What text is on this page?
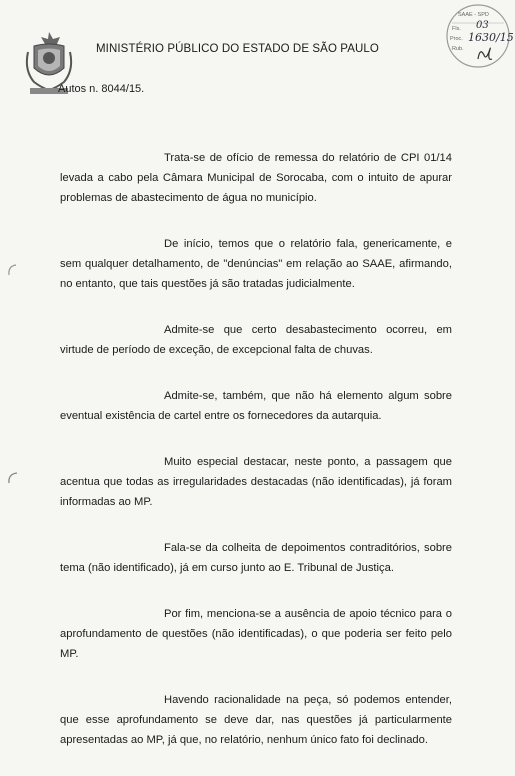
MINISTÉRIO PÚBLICO DO ESTADO DE SÃO PAULO
Autos n. 8044/15.
SAAE - SPD
Fls.
Proc.
Rub.
03
1630/15

Trata-se de ofício de remessa do relatório de CPI 01/14 levada a cabo pela Câmara Municipal de Sorocaba, com o intuito de apurar problemas de abastecimento de água no município.

De início, temos que o relatório fala, genericamente, e sem qualquer detalhamento, de "denúncias" em relação ao SAAE, afirmando, no entanto, que tais questões já são tratadas judicialmente.

Admite-se que certo desabastecimento ocorreu, em virtude de período de exceção, de excepcional falta de chuvas.

Admite-se, também, que não há elemento algum sobre eventual existência de cartel entre os fornecedores da autarquia.

Muito especial destacar, neste ponto, a passagem que acentua que todas as irregularidades destacadas (não identificadas), já foram informadas ao MP.

Fala-se da colheita de depoimentos contraditórios, sobre tema (não identificado), já em curso junto ao E. Tribunal de Justiça.

Por fim, menciona-se a ausência de apoio técnico para o aprofundamento de questões (não identificadas), o que poderia ser feito pelo MP.

Havendo racionalidade na peça, só podemos entender, que esse aprofundamento se deve dar, nas questões já particularmente apresentadas ao MP, já que, no relatório, nenhum único fato foi declinado.
